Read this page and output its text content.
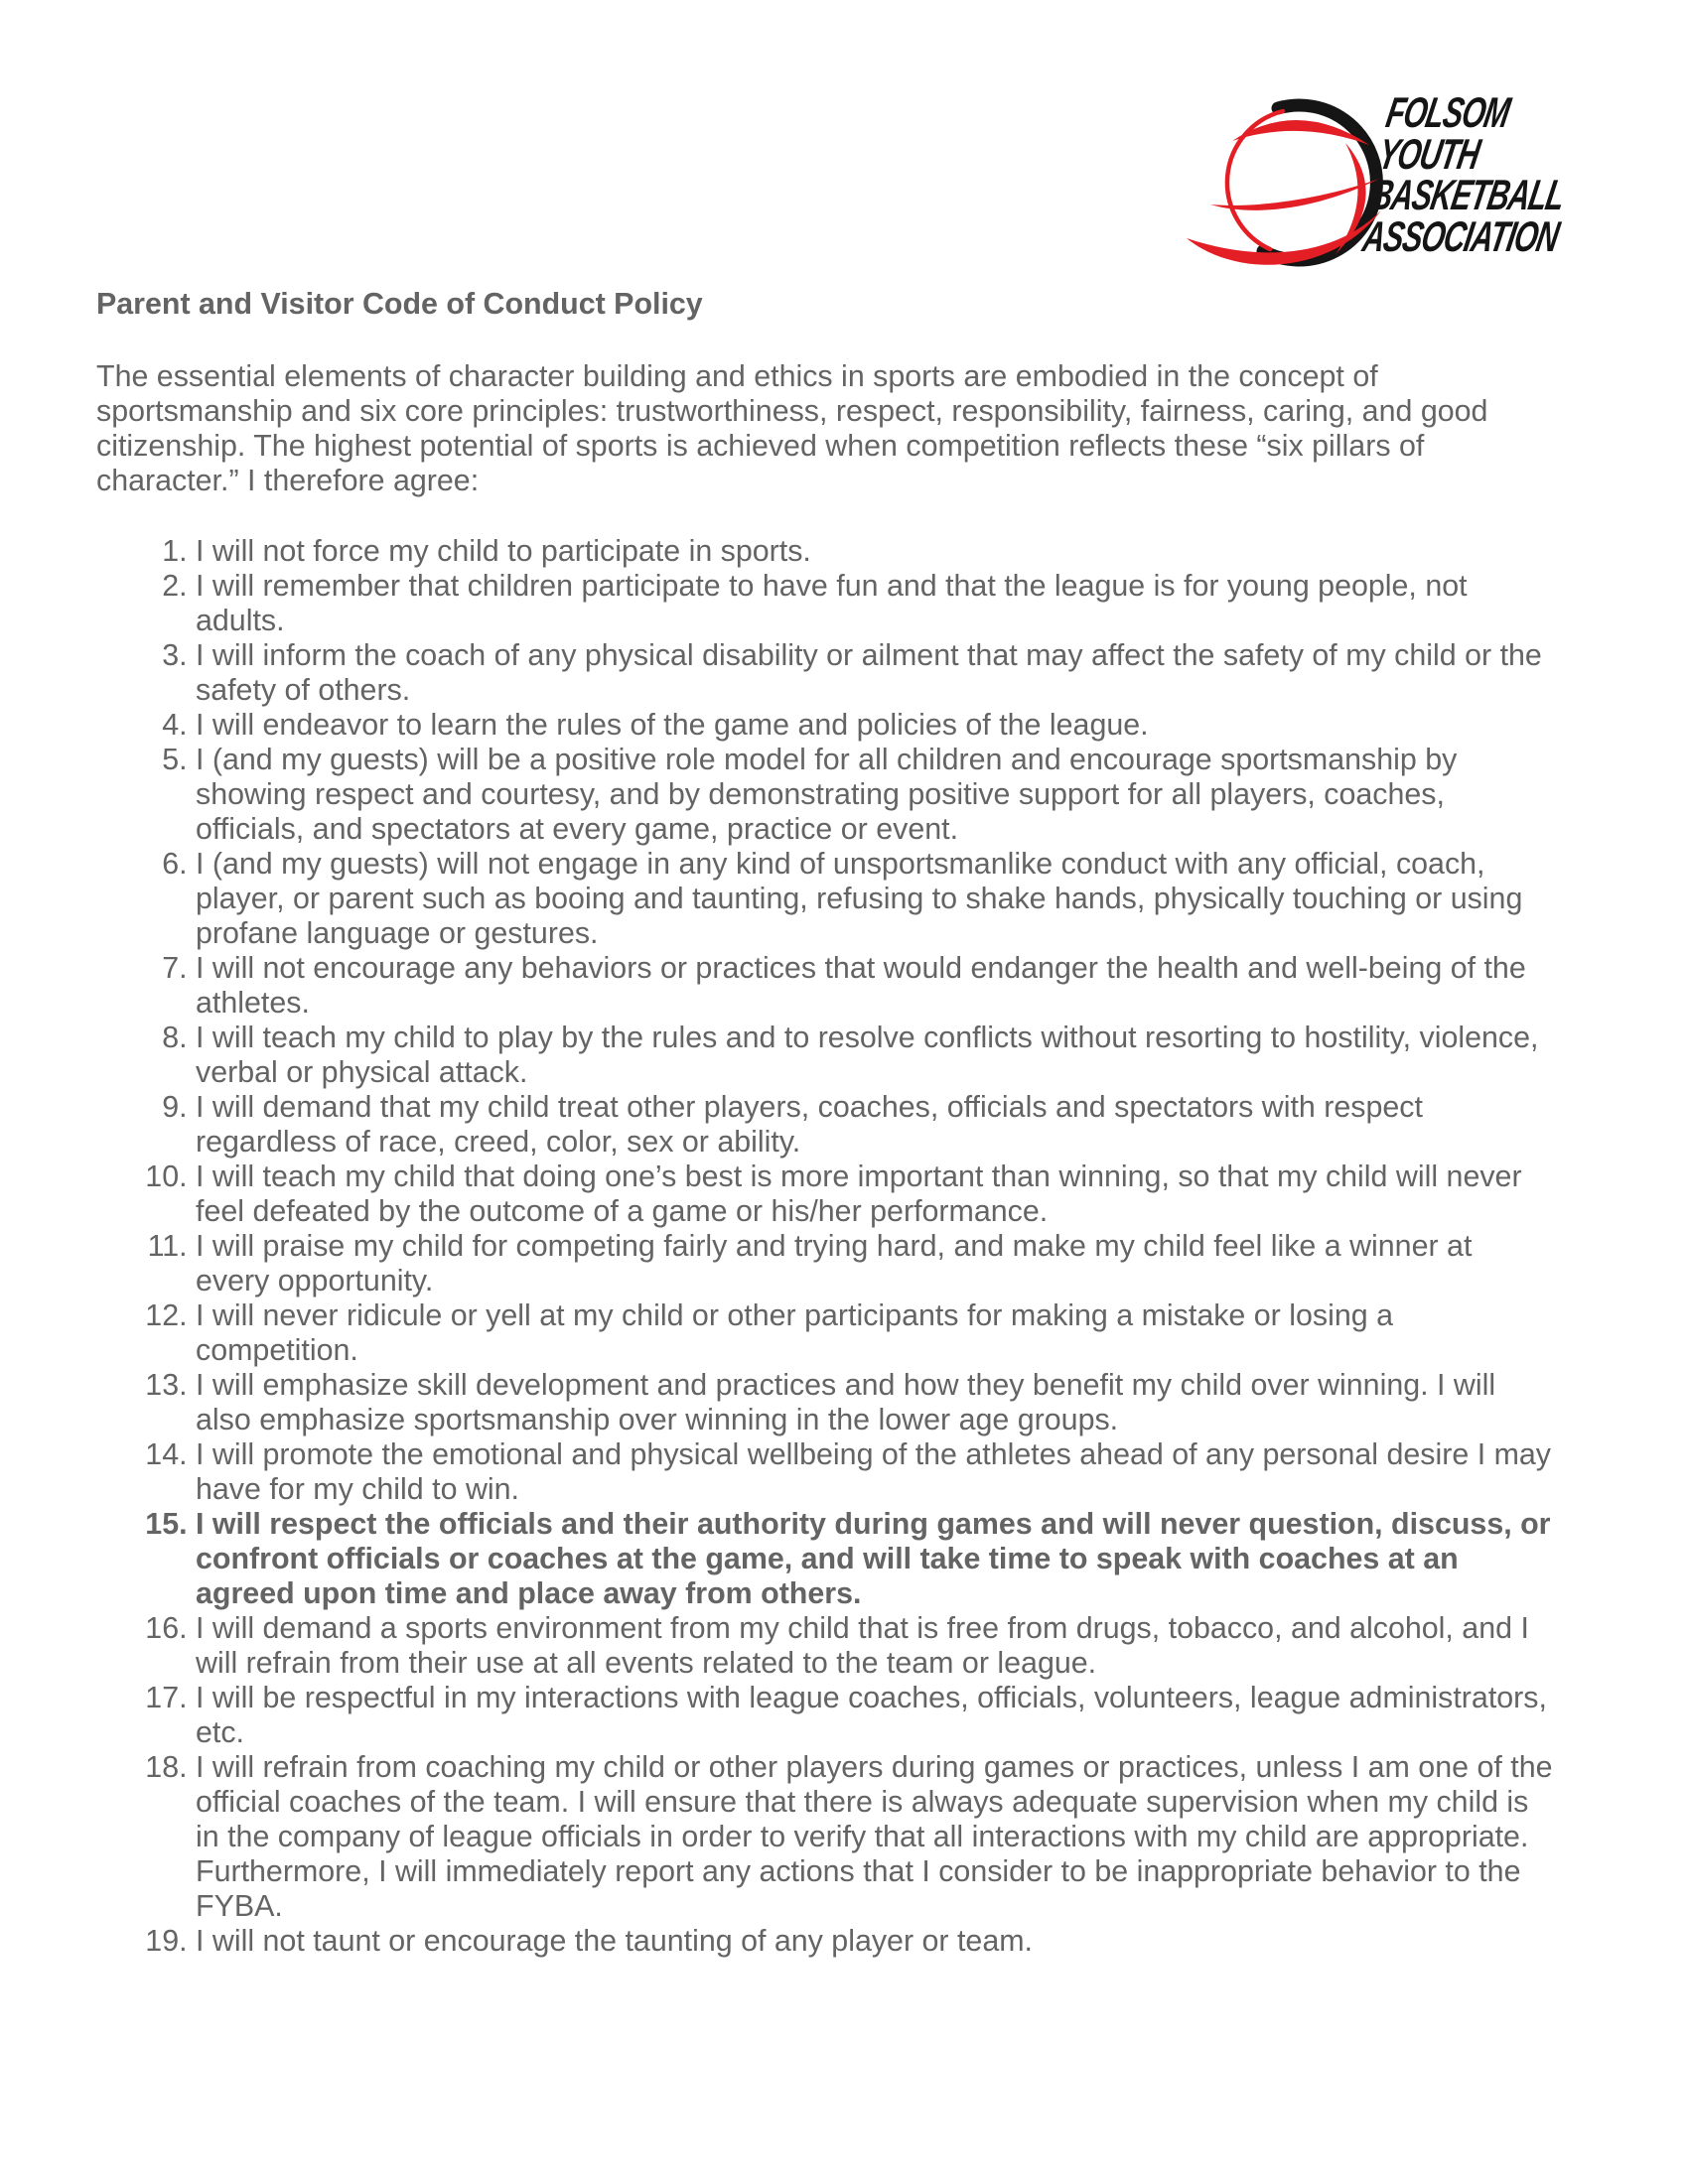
FOLSOM
YOUTH
BASKETBALL
ASSOCIATION
Parent and Visitor Code of Conduct Policy

The essential elements of character building and ethics in sports are embodied in the concept of sportsmanship and six core principles: trustworthiness, respect, responsibility, fairness, caring, and good citizenship. The highest potential of sports is achieved when competition reflects these “six pillars of character.” I therefore agree:

1. I will not force my child to participate in sports.
2. I will remember that children participate to have fun and that the league is for young people, not adults.
3. I will inform the coach of any physical disability or ailment that may affect the safety of my child or the safety of others.
4. I will endeavor to learn the rules of the game and policies of the league.
5. I (and my guests) will be a positive role model for all children and encourage sportsmanship by showing respect and courtesy, and by demonstrating positive support for all players, coaches, officials, and spectators at every game, practice or event.
6. I (and my guests) will not engage in any kind of unsportsmanlike conduct with any official, coach, player, or parent such as booing and taunting, refusing to shake hands, physically touching or using profane language or gestures.
7. I will not encourage any behaviors or practices that would endanger the health and well-being of the athletes.
8. I will teach my child to play by the rules and to resolve conflicts without resorting to hostility, violence, verbal or physical attack.
9. I will demand that my child treat other players, coaches, officials and spectators with respect regardless of race, creed, color, sex or ability.
10. I will teach my child that doing one’s best is more important than winning, so that my child will never feel defeated by the outcome of a game or his/her performance.
11. I will praise my child for competing fairly and trying hard, and make my child feel like a winner at every opportunity.
12. I will never ridicule or yell at my child or other participants for making a mistake or losing a competition.
13. I will emphasize skill development and practices and how they benefit my child over winning. I will also emphasize sportsmanship over winning in the lower age groups.
14. I will promote the emotional and physical wellbeing of the athletes ahead of any personal desire I may have for my child to win.
15. I will respect the officials and their authority during games and will never question, discuss, or confront officials or coaches at the game, and will take time to speak with coaches at an agreed upon time and place away from others.
16. I will demand a sports environment from my child that is free from drugs, tobacco, and alcohol, and I will refrain from their use at all events related to the team or league.
17. I will be respectful in my interactions with league coaches, officials, volunteers, league administrators, etc.
18. I will refrain from coaching my child or other players during games or practices, unless I am one of the official coaches of the team. I will ensure that there is always adequate supervision when my child is in the company of league officials in order to verify that all interactions with my child are appropriate. Furthermore, I will immediately report any actions that I consider to be inappropriate behavior to the FYBA.
19. I will not taunt or encourage the taunting of any player or team.
